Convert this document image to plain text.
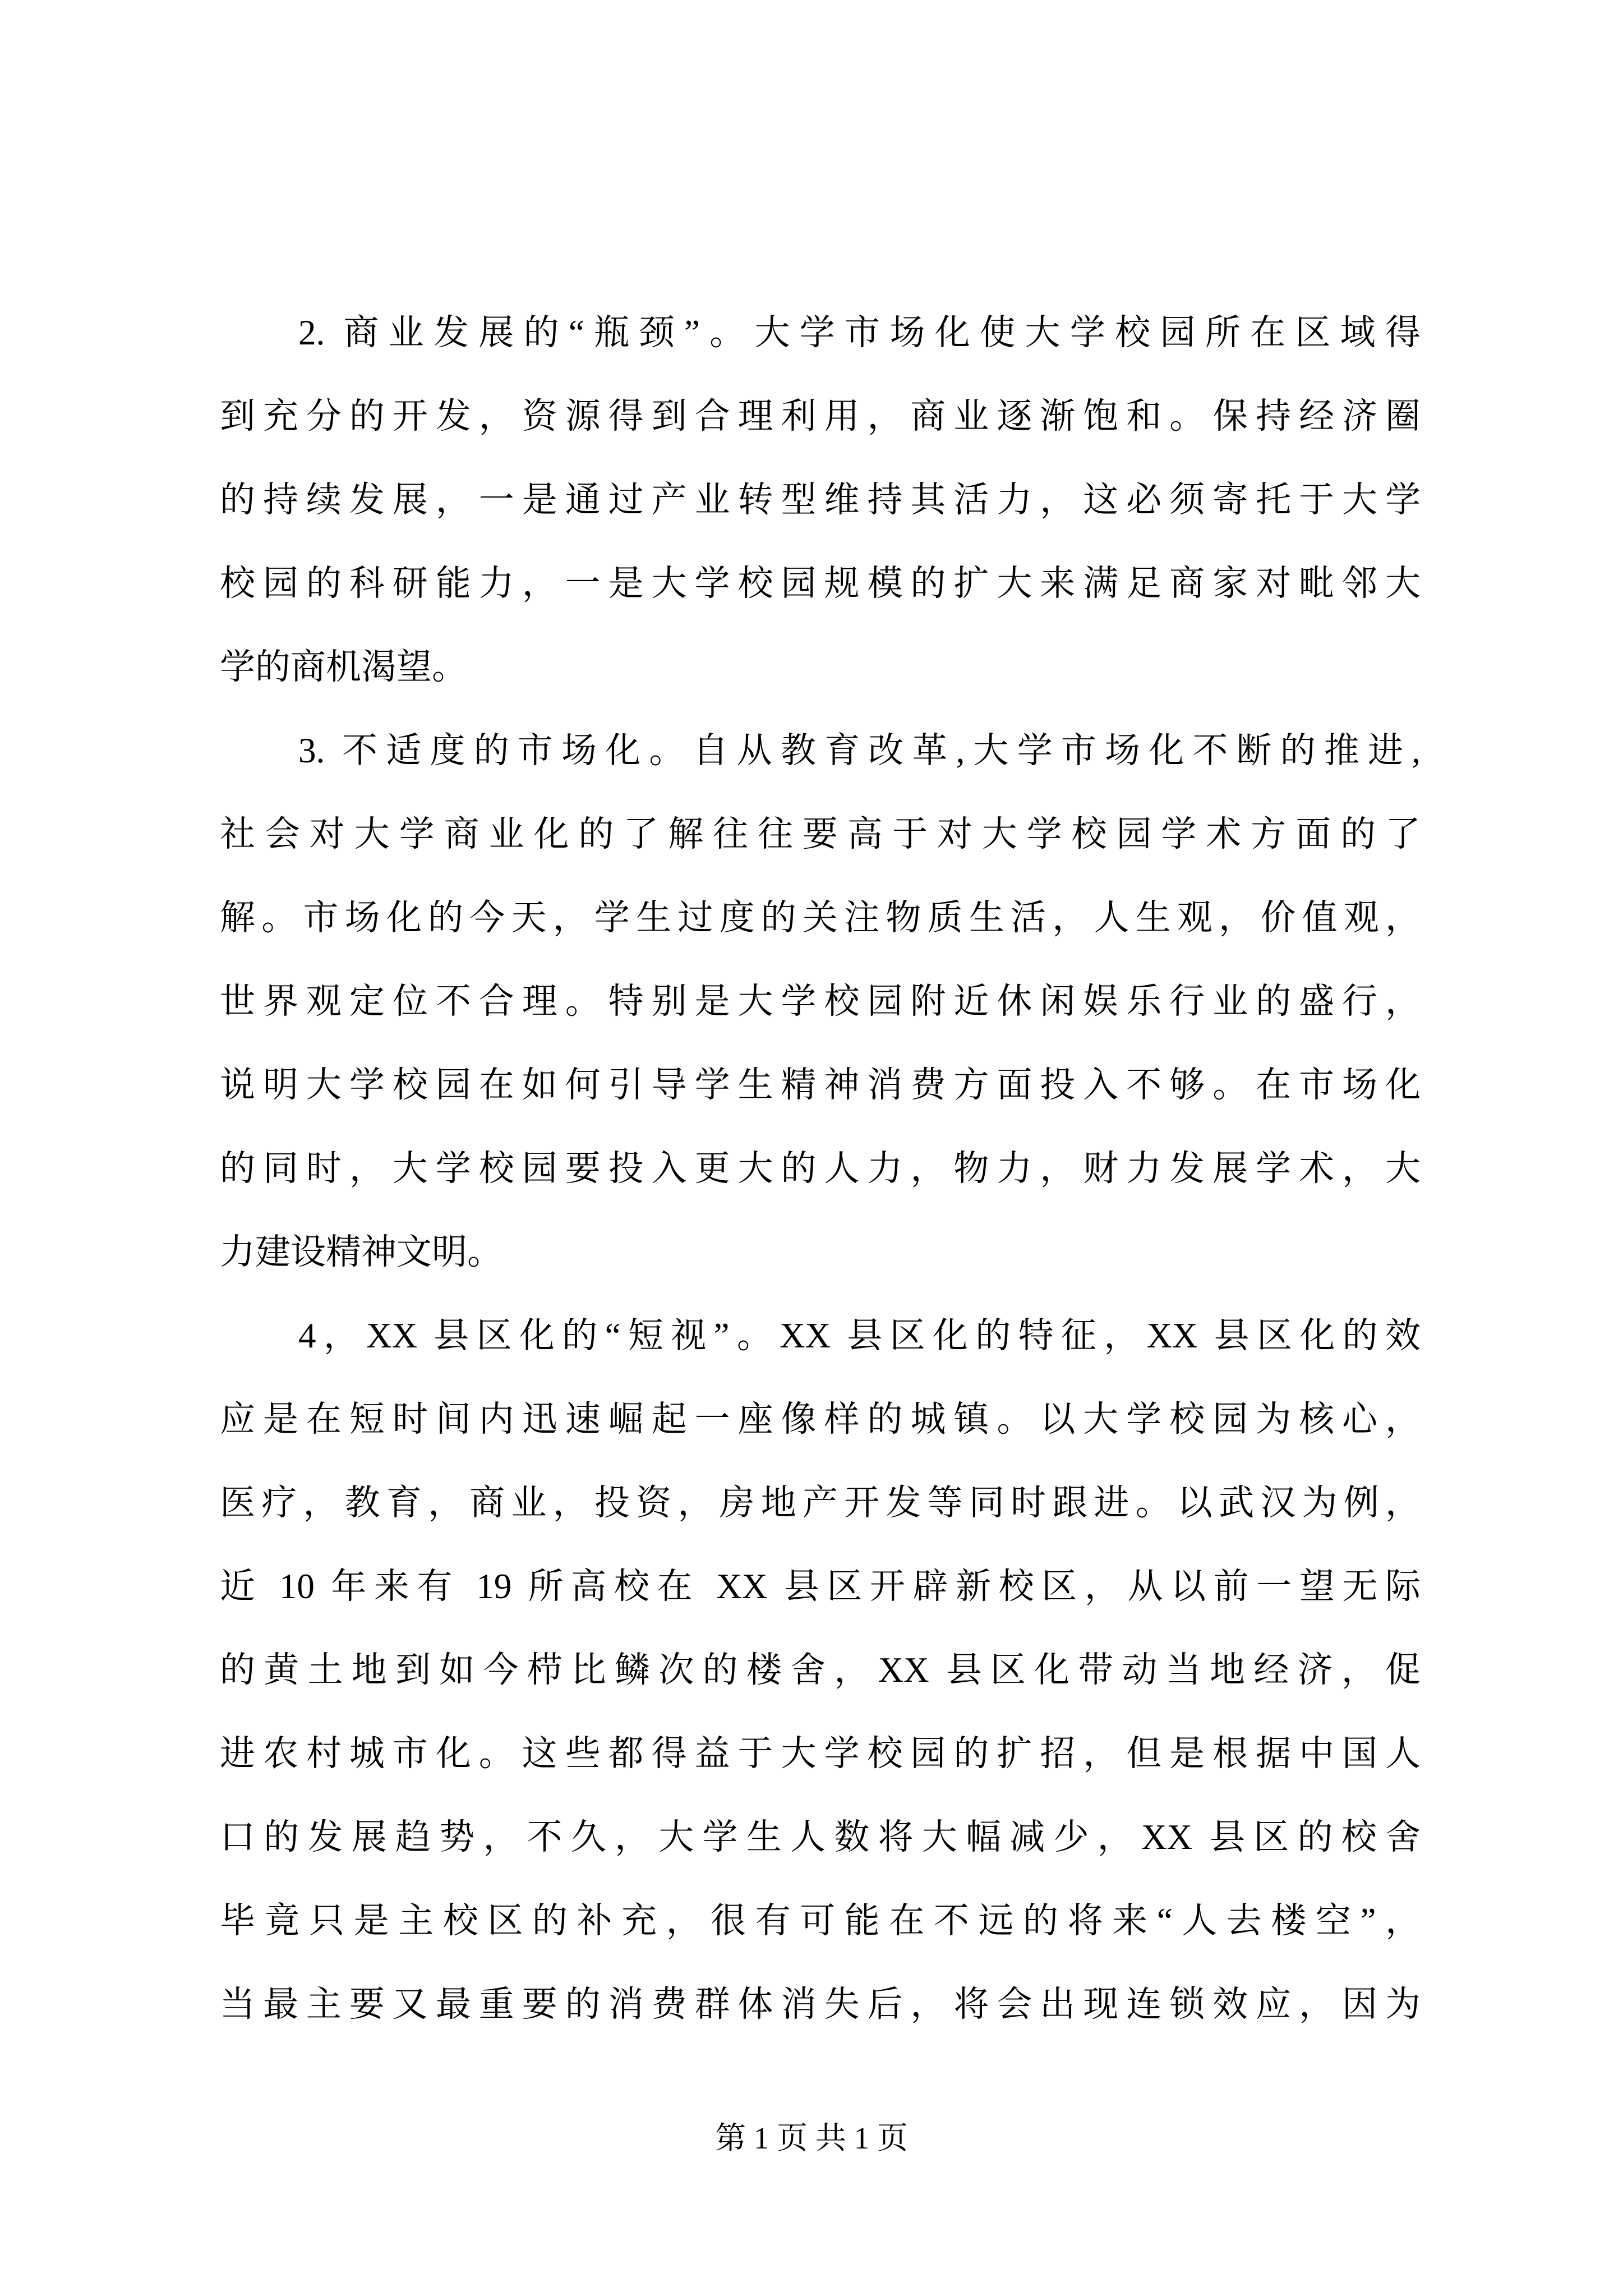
2. 商业发展的“瓶颈”。大学市场化使大学校园所在区域得
到充分的开发，资源得到合理利用，商业逐渐饱和。保持经济圈
的持续发展，一是通过产业转型维持其活力，这必须寄托于大学
校园的科研能力，一是大学校园规模的扩大来满足商家对毗邻大
学的商机渴望。

3. 不适度的市场化。自从教育改革,大学市场化不断的推进,
社会对大学商业化的了解往往要高于对大学校园学术方面的了
解。市场化的今天，学生过度的关注物质生活，人生观，价值观，
世界观定位不合理。特别是大学校园附近休闲娱乐行业的盛行，
说明大学校园在如何引导学生精神消费方面投入不够。在市场化
的同时，大学校园要投入更大的人力，物力，财力发展学术，大
力建设精神文明。

4，XX 县区化的“短视”。XX 县区化的特征，XX 县区化的效
应是在短时间内迅速崛起一座像样的城镇。以大学校园为核心，
医疗，教育，商业，投资，房地产开发等同时跟进。以武汉为例，
近 10 年来有 19 所高校在 XX 县区开辟新校区，从以前一望无际
的黄土地到如今栉比鳞次的楼舍，XX 县区化带动当地经济，促
进农村城市化。这些都得益于大学校园的扩招，但是根据中国人
口的发展趋势，不久，大学生人数将大幅减少，XX 县区的校舍
毕竟只是主校区的补充，很有可能在不远的将来“人去楼空”，
当最主要又最重要的消费群体消失后，将会出现连锁效应，因为

第 1 页 共 1 页
